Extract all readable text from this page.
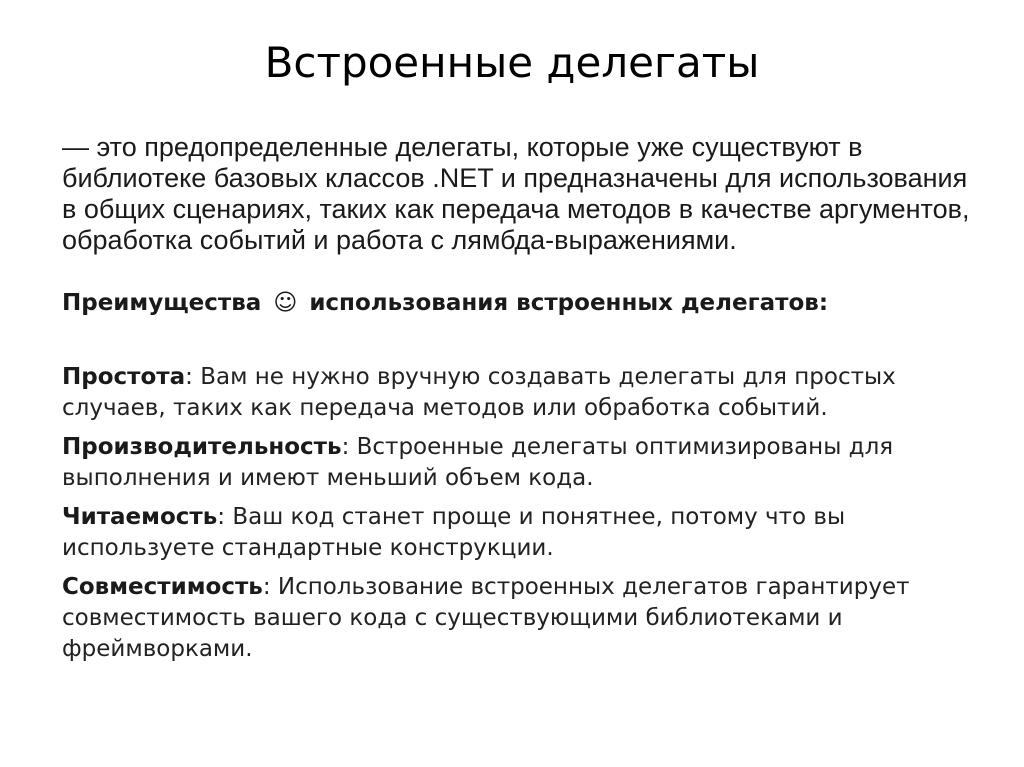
Встроенные делегаты

— это предопределенные делегаты, которые уже существуют в библиотеке базовых классов .NET и предназначены для использования в общих сценариях, таких как передача методов в качестве аргументов, обработка событий и работа с лямбда-выражениями.

Преимущества ☺ использования встроенных делегатов:

Простота: Вам не нужно вручную создавать делегаты для простых случаев, таких как передача методов или обработка событий.
Производительность: Встроенные делегаты оптимизированы для выполнения и имеют меньший объем кода.
Читаемость: Ваш код станет проще и понятнее, потому что вы используете стандартные конструкции.
Совместимость: Использование встроенных делегатов гарантирует совместимость вашего кода с существующими библиотеками и фреймворками.
